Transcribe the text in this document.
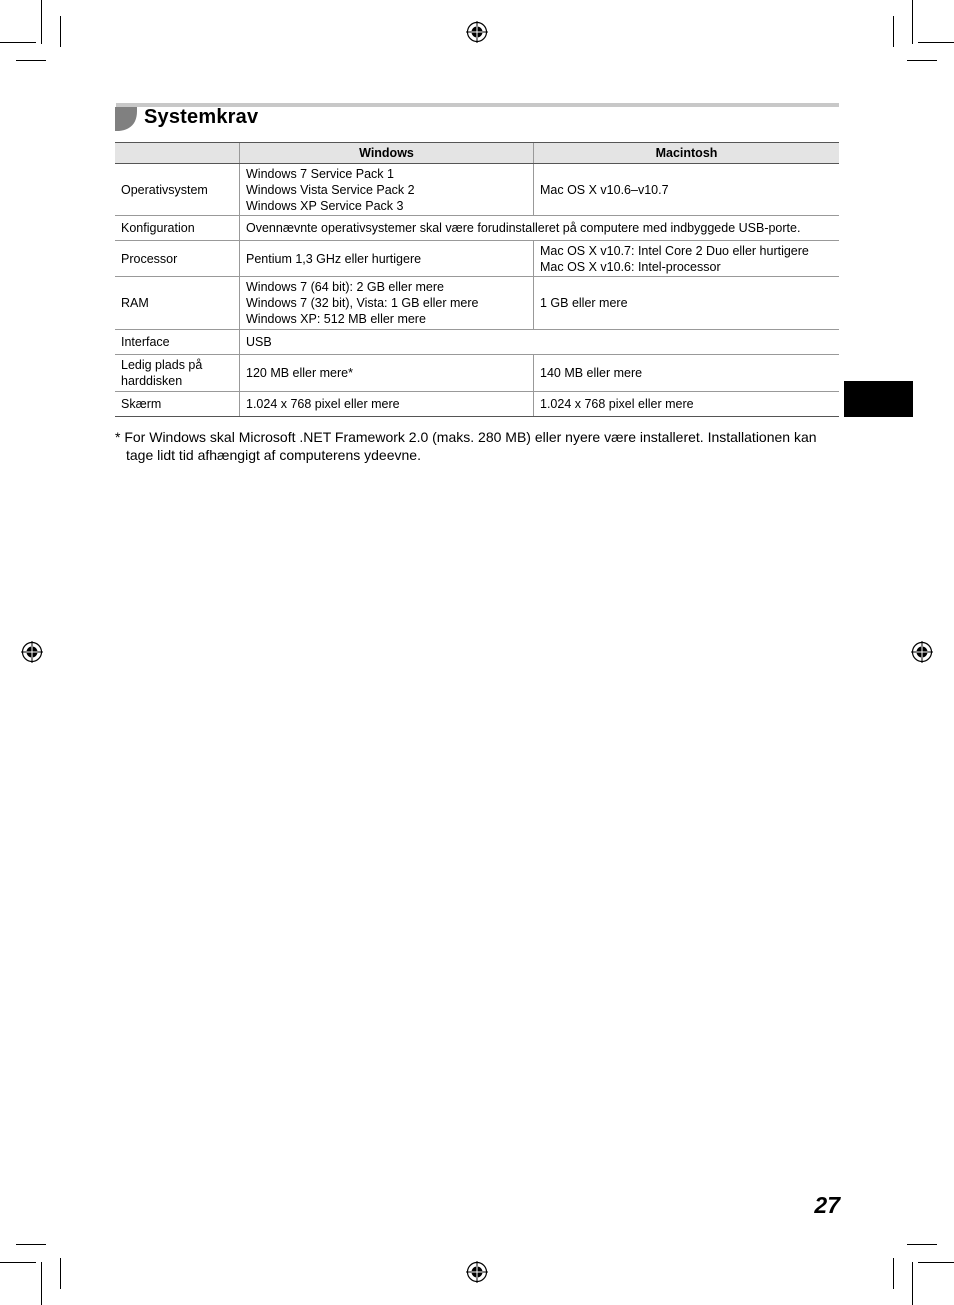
Systemkrav
	Windows	Macintosh
Operativsystem	Windows 7 Service Pack 1
Windows Vista Service Pack 2
Windows XP Service Pack 3	Mac OS X v10.6–v10.7
Konfiguration	Ovennævnte operativsystemer skal være forudinstalleret på computere med indbyggede USB-porte.	
Processor	Pentium 1,3 GHz eller hurtigere	Mac OS X v10.7: Intel Core 2 Duo eller hurtigere
Mac OS X v10.6: Intel-processor

RAM	Windows 7 (64 bit): 2 GB eller mere
Windows 7 (32 bit), Vista: 1 GB eller mere
Windows XP: 512 MB eller mere	1 GB eller mere
Interface	USB	

Ledig plads på
harddisken	120 MB eller mere*	140 MB eller mere
Skærm	1.024 x 768 pixel eller mere	1.024 x 768 pixel eller mere
* For Windows skal Microsoft .NET Framework 2.0 (maks. 280 MB) eller nyere være installeret. Installationen kan
tage lidt tid afhængigt af computerens ydeevne.
27
